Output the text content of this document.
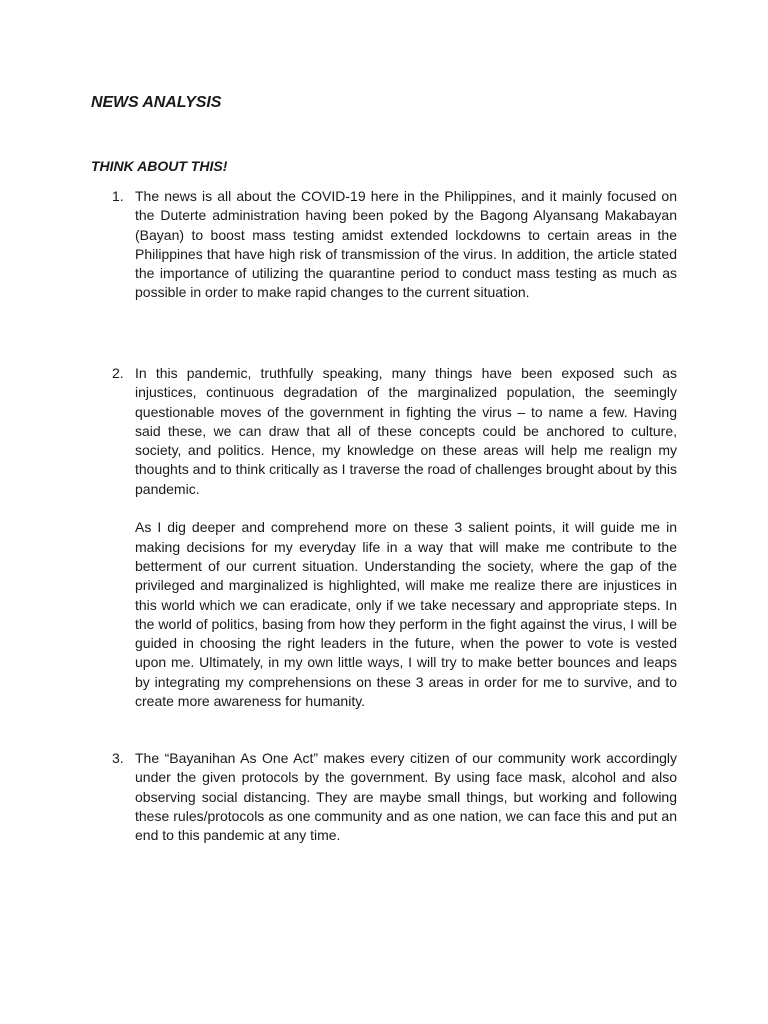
NEWS ANALYSIS
THINK ABOUT THIS!
1. The news is all about the COVID-19 here in the Philippines, and it mainly focused on the Duterte administration having been poked by the Bagong Alyansang Makabayan (Bayan) to boost mass testing amidst extended lockdowns to certain areas in the Philippines that have high risk of transmission of the virus. In addition, the article stated the importance of utilizing the quarantine period to conduct mass testing as much as possible in order to make rapid changes to the current situation.

2. In this pandemic, truthfully speaking, many things have been exposed such as injustices, continuous degradation of the marginalized population, the seemingly questionable moves of the government in fighting the virus – to name a few. Having said these, we can draw that all of these concepts could be anchored to culture, society, and politics. Hence, my knowledge on these areas will help me realign my thoughts and to think critically as I traverse the road of challenges brought about by this pandemic.

As I dig deeper and comprehend more on these 3 salient points, it will guide me in making decisions for my everyday life in a way that will make me contribute to the betterment of our current situation. Understanding the society, where the gap of the privileged and marginalized is highlighted, will make me realize there are injustices in this world which we can eradicate, only if we take necessary and appropriate steps. In the world of politics, basing from how they perform in the fight against the virus, I will be guided in choosing the right leaders in the future, when the power to vote is vested upon me. Ultimately, in my own little ways, I will try to make better bounces and leaps by integrating my comprehensions on these 3 areas in order for me to survive, and to create more awareness for humanity.

3. The “Bayanihan As One Act” makes every citizen of our community work accordingly under the given protocols by the government. By using face mask, alcohol and also observing social distancing. They are maybe small things, but working and following these rules/protocols as one community and as one nation, we can face this and put an end to this pandemic at any time.
